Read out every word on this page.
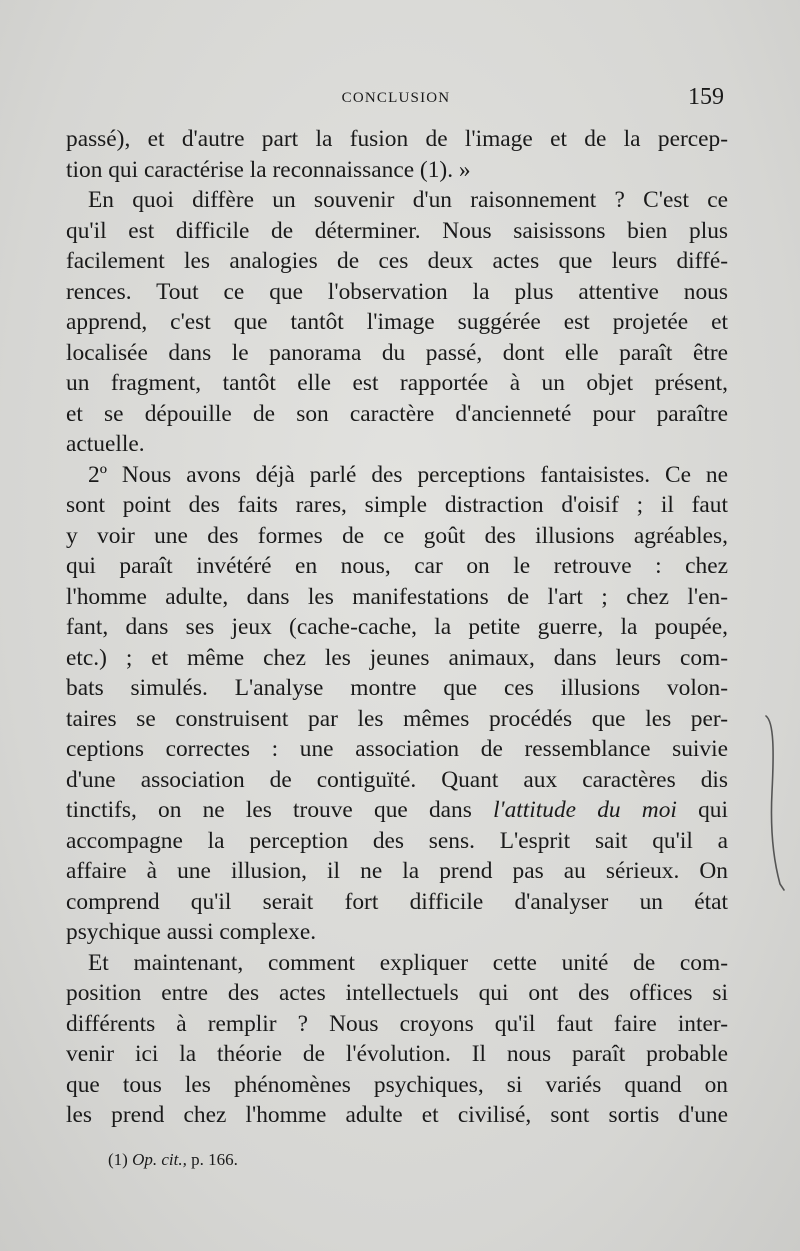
CONCLUSION	159
passé), et d'autre part la fusion de l'image et de la percep-
tion qui caractérise la reconnaissance (1). »
En quoi diffère un souvenir d'un raisonnement ? C'est ce
qu'il est difficile de déterminer. Nous saisissons bien plus
facilement les analogies de ces deux actes que leurs diffé-
rences. Tout ce que l'observation la plus attentive nous
apprend, c'est que tantôt l'image suggérée est projetée et
localisée dans le panorama du passé, dont elle paraît être
un fragment, tantôt elle est rapportée à un objet présent,
et se dépouille de son caractère d'ancienneté pour paraître
actuelle.
2º Nous avons déjà parlé des perceptions fantaisistes. Ce ne
sont point des faits rares, simple distraction d'oisif ; il faut
y voir une des formes de ce goût des illusions agréables,
qui paraît invétéré en nous, car on le retrouve : chez
l'homme adulte, dans les manifestations de l'art ; chez l'en-
fant, dans ses jeux (cache-cache, la petite guerre, la poupée,
etc.) ; et même chez les jeunes animaux, dans leurs com-
bats simulés. L'analyse montre que ces illusions volon-
taires se construisent par les mêmes procédés que les per-
ceptions correctes : une association de ressemblance suivie
d'une association de contiguïté. Quant aux caractères dis
tinctifs, on ne les trouve que dans l'attitude du moi qui
accompagne la perception des sens. L'esprit sait qu'il a
affaire à une illusion, il ne la prend pas au sérieux. On
comprend qu'il serait fort difficile d'analyser un état
psychique aussi complexe.
Et maintenant, comment expliquer cette unité de com-
position entre des actes intellectuels qui ont des offices si
différents à remplir ? Nous croyons qu'il faut faire inter-
venir ici la théorie de l'évolution. Il nous paraît probable
que tous les phénomènes psychiques, si variés quand on
les prend chez l'homme adulte et civilisé, sont sortis d'une
(1) Op. cit., p. 166.
